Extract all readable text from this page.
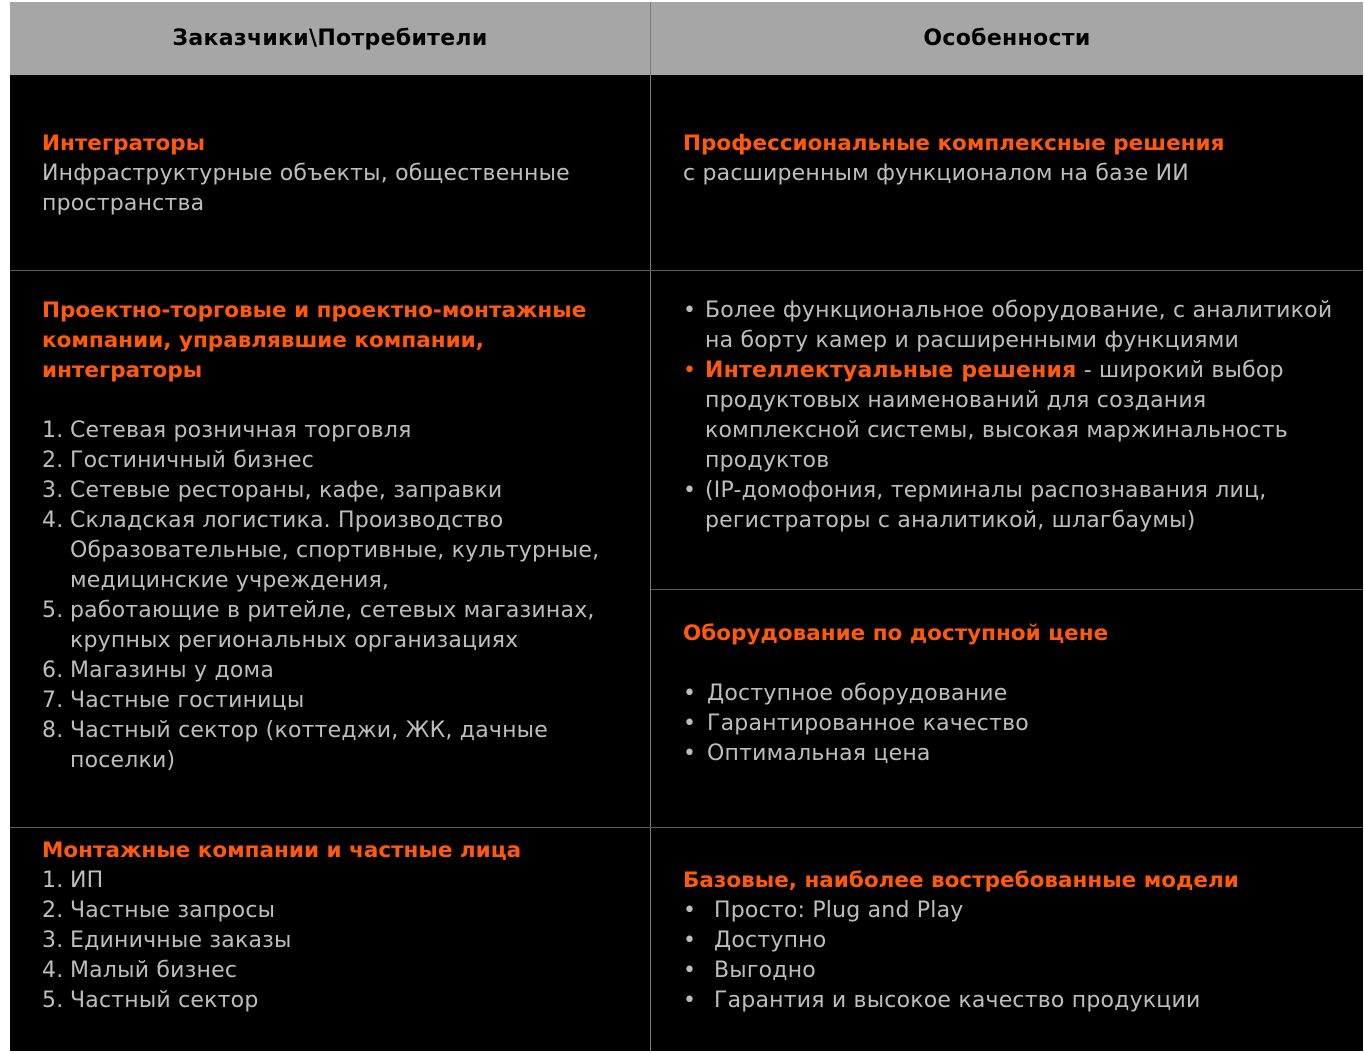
Заказчики\Потребители	Особенности

Интеграторы

Инфраструктурные объекты, общественные пространства

Профессиональные комплексные решения

с расширенным функционалом на базе ИИ

Проектно-торговые и проектно-монтажные компании, управлявшие компании, интеграторы

1. Сетевая розничная торговля
2. Гостиничный бизнес
3. Сетевые рестораны, кафе, заправки
4. Складская логистика. Производство Образовательные, спортивные, культурные, медицинские учреждения,
5. работающие в ритейле, сетевых магазинах, крупных региональных организациях
6. Магазины у дома
7. Частные гостиницы
8. Частный сектор (коттеджи, ЖК, дачные поселки)
• Более функциональное оборудование, с аналитикой на борту камер и расширенными функциями
• Интеллектуальные решения - широкий выбор продуктовых наименований для создания комплексной системы, высокая маржинальность продуктов
• (IP-домофония, терминалы распознавания лиц, регистраторы с аналитикой, шлагбаумы)

Оборудование по доступной цене

• Доступное оборудование
• Гарантированное качество
• Оптимальная цена

Монтажные компании и частные лица

1. ИП
2. Частные запросы
3. Единичные заказы
4. Малый бизнес
5. Частный сектор

Базовые, наиболее востребованные модели

• Просто: Plug and Play
• Доступно
• Выгодно
• Гарантия и высокое качество продукции
